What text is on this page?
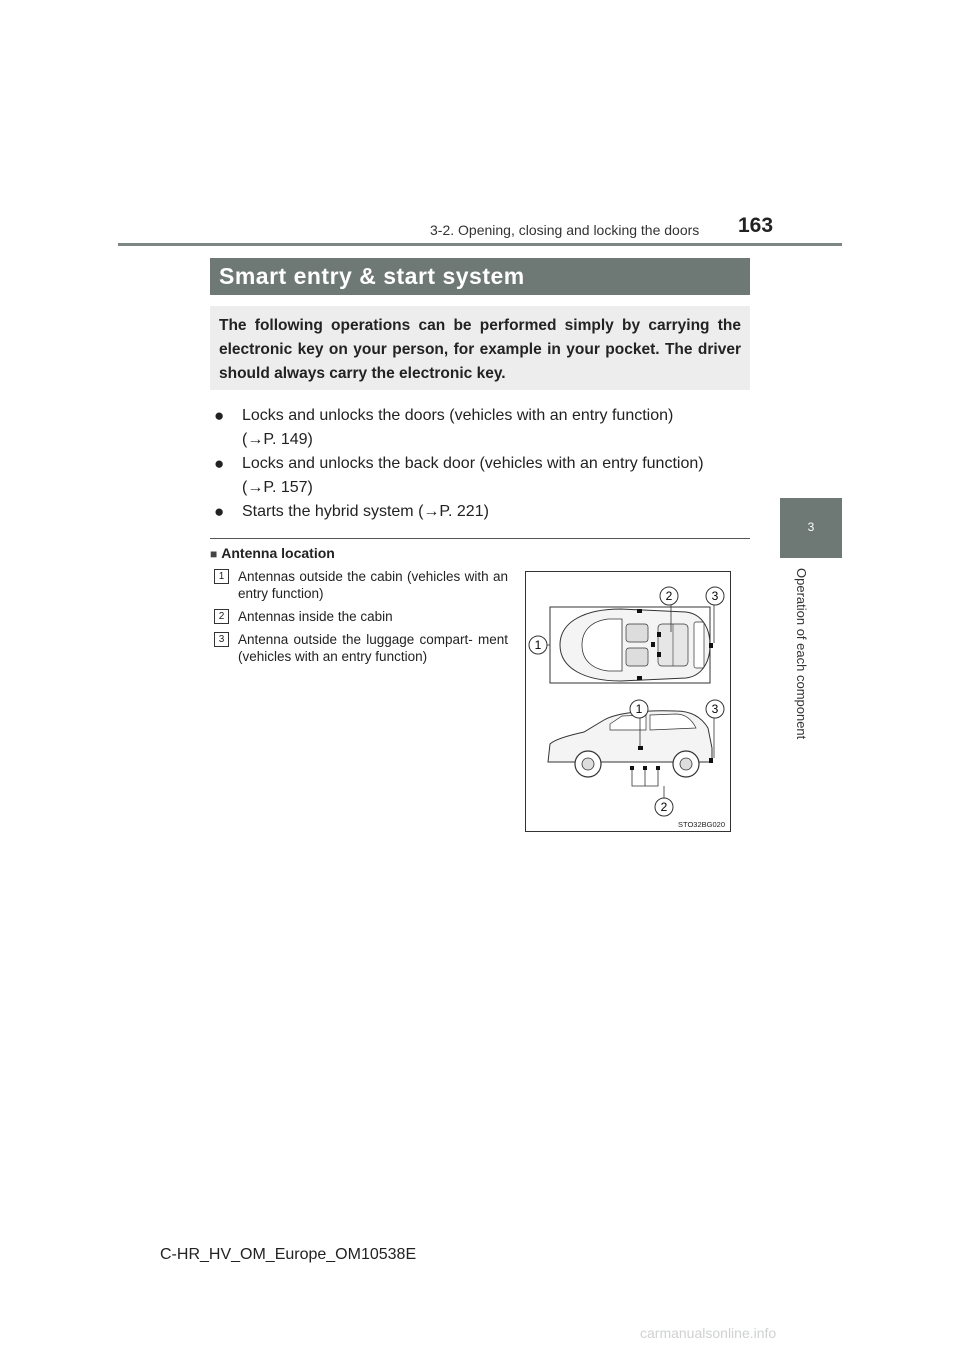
3-2. Opening, closing and locking the doors 163
3
Operation of each component
Smart entry & start system
The following operations can be performed simply by carrying the electronic key on your person, for example in your pocket. The driver should always carry the electronic key.
● Locks and unlocks the doors (vehicles with an entry function)
(→P. 149)
● Locks and unlocks the back door (vehicles with an entry function)
(→P. 157)
● Starts the hybrid system (→P. 221)
■ Antenna location
1	Antennas outside the cabin (vehicles with an entry function)
2	Antennas inside the cabin
3	Antenna outside the luggage compart- ment (vehicles with an entry function)
1
2	3
1	3
2
STO32BG020
C-HR_HV_OM_Europe_OM10538E
carmanualsonline.info
